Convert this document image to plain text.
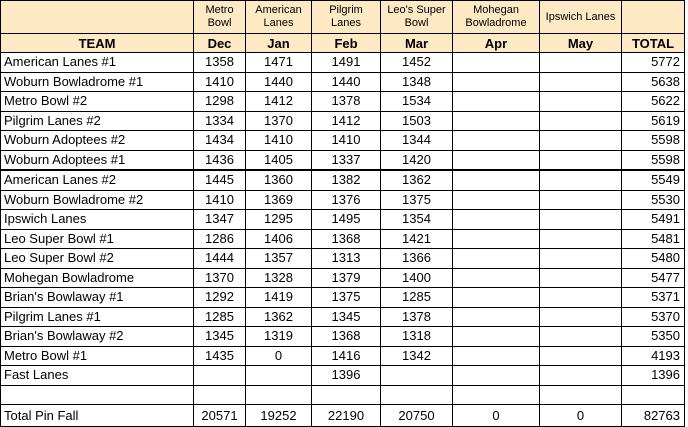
	Metro Bowl	American Lanes	Pilgrim Lanes	Leo's Super Bowl	Mohegan Bowladrome	Ipswich Lanes	
TEAM	Dec	Jan	Feb	Mar	Apr	May	TOTAL
American Lanes #1	1358	1471	1491	1452			5772
Woburn Bowladrome #1	1410	1440	1440	1348			5638
Metro Bowl #2	1298	1412	1378	1534			5622
Pilgrim Lanes #2	1334	1370	1412	1503			5619
Woburn Adoptees #2	1434	1410	1410	1344			5598
Woburn Adoptees #1	1436	1405	1337	1420			5598
American Lanes #2	1445	1360	1382	1362			5549
Woburn Bowladrome #2	1410	1369	1376	1375			5530
Ipswich Lanes	1347	1295	1495	1354			5491
Leo Super Bowl #1	1286	1406	1368	1421			5481
Leo Super Bowl #2	1444	1357	1313	1366			5480
Mohegan Bowladrome	1370	1328	1379	1400			5477
Brian's Bowlaway #1	1292	1419	1375	1285			5371
Pilgrim Lanes #1	1285	1362	1345	1378			5370
Brian's Bowlaway #2	1345	1319	1368	1318			5350
Metro Bowl #1	1435	0	1416	1342			4193
Fast Lanes			1396				1396

Total Pin Fall	20571	19252	22190	20750	0	0	82763
